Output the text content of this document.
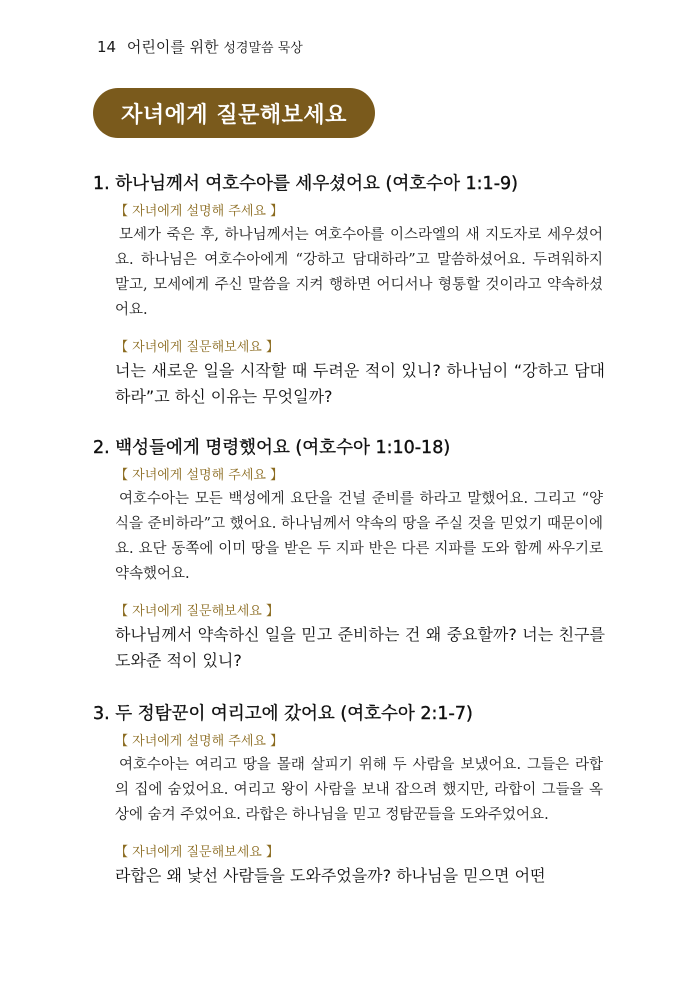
14 어린이를 위한 성경말씀 묵상
자녀에게 질문해보세요
1. 하나님께서 여호수아를 세우셨어요 (여호수아 1:1-9)
【 자녀에게 설명해 주세요 】
모세가 죽은 후, 하나님께서는 여호수아를 이스라엘의 새 지도자로 세우셨어요. 하나님은 여호수아에게 “강하고 담대하라”고 말씀하셨어요. 두려워하지 말고, 모세에게 주신 말씀을 지켜 행하면 어디서나 형통할 것이라고 약속하셨어요.
【 자녀에게 질문해보세요 】
너는 새로운 일을 시작할 때 두려운 적이 있니? 하나님이 “강하고 담대하라”고 하신 이유는 무엇일까?
2. 백성들에게 명령했어요 (여호수아 1:10-18)
【 자녀에게 설명해 주세요 】
여호수아는 모든 백성에게 요단을 건널 준비를 하라고 말했어요. 그리고 “양식을 준비하라”고 했어요. 하나님께서 약속의 땅을 주실 것을 믿었기 때문이에요. 요단 동쪽에 이미 땅을 받은 두 지파 반은 다른 지파를 도와 함께 싸우기로 약속했어요.
【 자녀에게 질문해보세요 】
하나님께서 약속하신 일을 믿고 준비하는 건 왜 중요할까? 너는 친구를 도와준 적이 있니?
3. 두 정탐꾼이 여리고에 갔어요 (여호수아 2:1-7)
【 자녀에게 설명해 주세요 】
여호수아는 여리고 땅을 몰래 살피기 위해 두 사람을 보냈어요. 그들은 라합의 집에 숨었어요. 여리고 왕이 사람을 보내 잡으려 했지만, 라합이 그들을 옥상에 숨겨 주었어요. 라합은 하나님을 믿고 정탐꾼들을 도와주었어요.
【 자녀에게 질문해보세요 】
라합은 왜 낯선 사람들을 도와주었을까? 하나님을 믿으면 어떤
